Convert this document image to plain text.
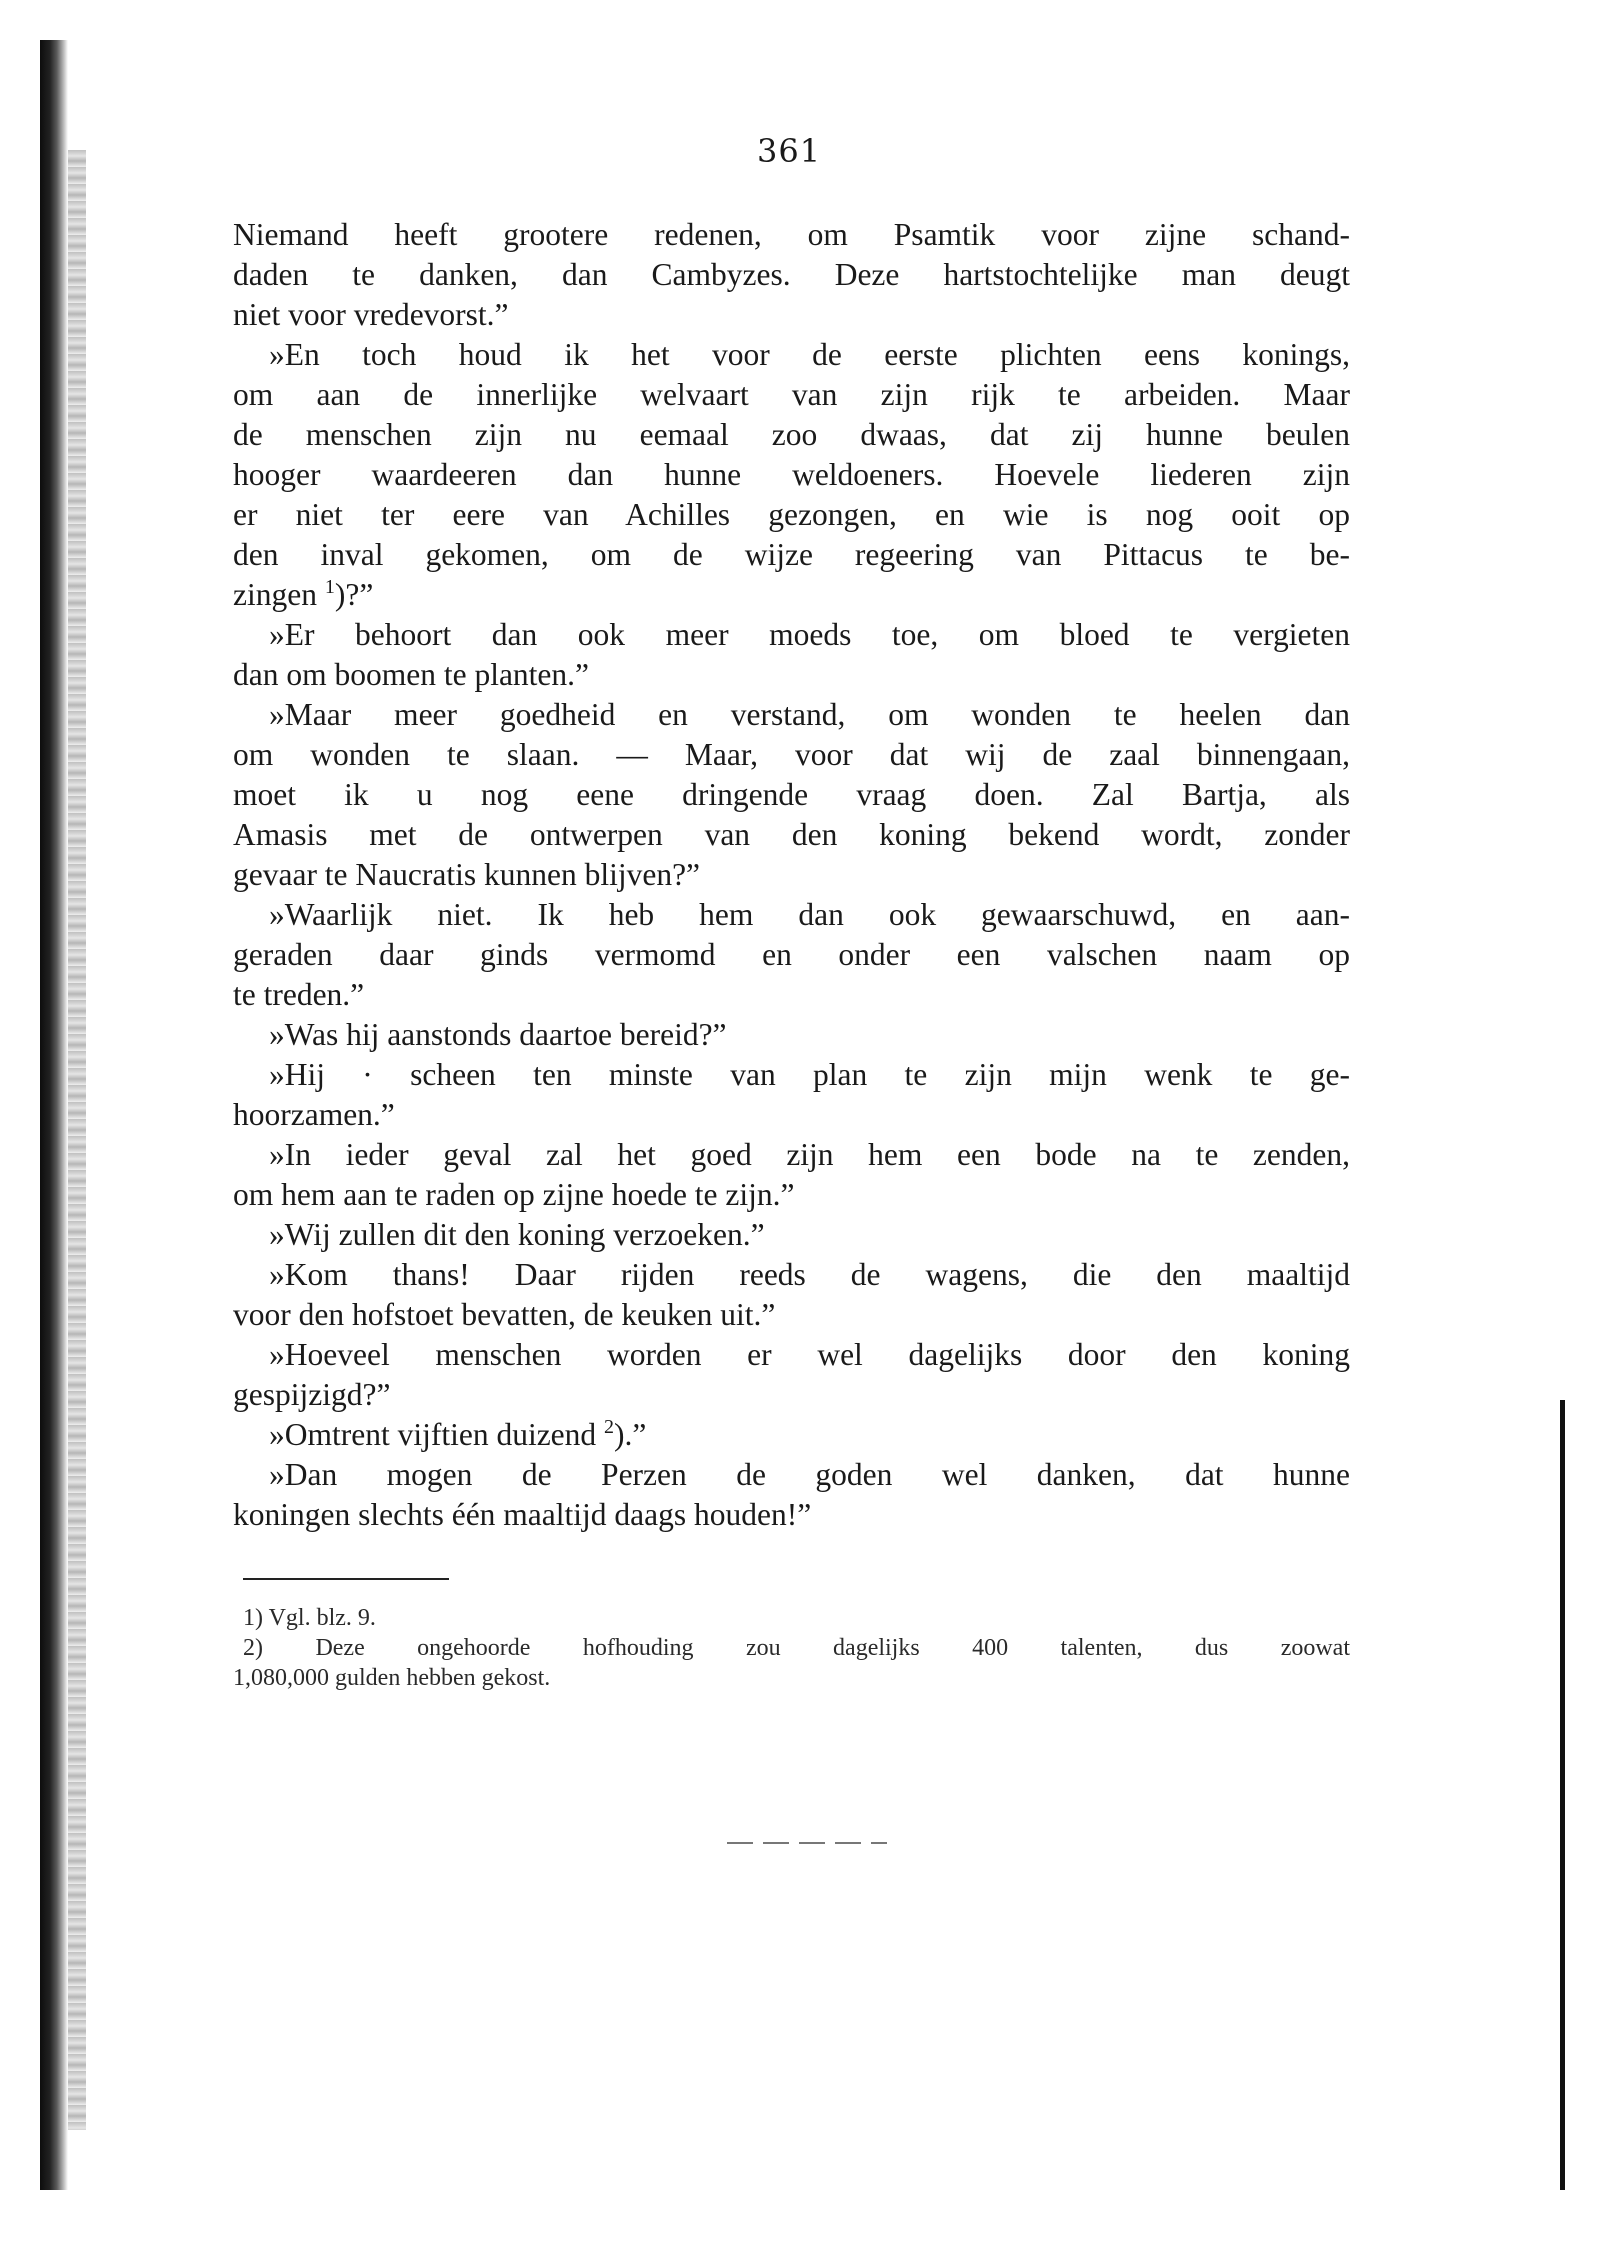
361
Niemand heeft grootere redenen, om Psamtik voor zijne schand-
daden te danken, dan Cambyzes. Deze hartstochtelijke man deugt
niet voor vredevorst.”
»En toch houd ik het voor de eerste plichten eens konings,
om aan de innerlijke welvaart van zijn rijk te arbeiden. Maar
de menschen zijn nu eemaal zoo dwaas, dat zij hunne beulen
hooger waardeeren dan hunne weldoeners. Hoevele liederen zijn
er niet ter eere van Achilles gezongen, en wie is nog ooit op
den inval gekomen, om de wijze regeering van Pittacus te be-
zingen $^1$)?”
»Er behoort dan ook meer moeds toe, om bloed te vergieten
dan om boomen te planten.”
»Maar meer goedheid en verstand, om wonden te heelen dan
om wonden te slaan. — Maar, voor dat wij de zaal binnengaan,
moet ik u nog eene dringende vraag doen. Zal Bartja, als
Amasis met de ontwerpen van den koning bekend wordt, zonder
gevaar te Naucratis kunnen blijven?”
»Waarlijk niet. Ik heb hem dan ook gewaarschuwd, en aan-
geraden daar ginds vermomd en onder een valschen naam op
te treden.”
»Was hij aanstonds daartoe bereid?”
»Hij · scheen ten minste van plan te zijn mijn wenk te ge-
hoorzamen.”
»In ieder geval zal het goed zijn hem een bode na te zenden,
om hem aan te raden op zijne hoede te zijn.”
»Wij zullen dit den koning verzoeken.”
»Kom thans! Daar rijden reeds de wagens, die den maaltijd
voor den hofstoet bevatten, de keuken uit.”
»Hoeveel menschen worden er wel dagelijks door den koning
gespijzigd?”
»Omtrent vijftien duizend $^2$).”
»Dan mogen de Perzen de goden wel danken, dat hunne
koningen slechts één maaltijd daags houden!”
1) Vgl. blz. 9.
2) Deze ongehoorde hofhouding zou dagelijks 400 talenten, dus zoowat
1,080,000 gulden hebben gekost.
